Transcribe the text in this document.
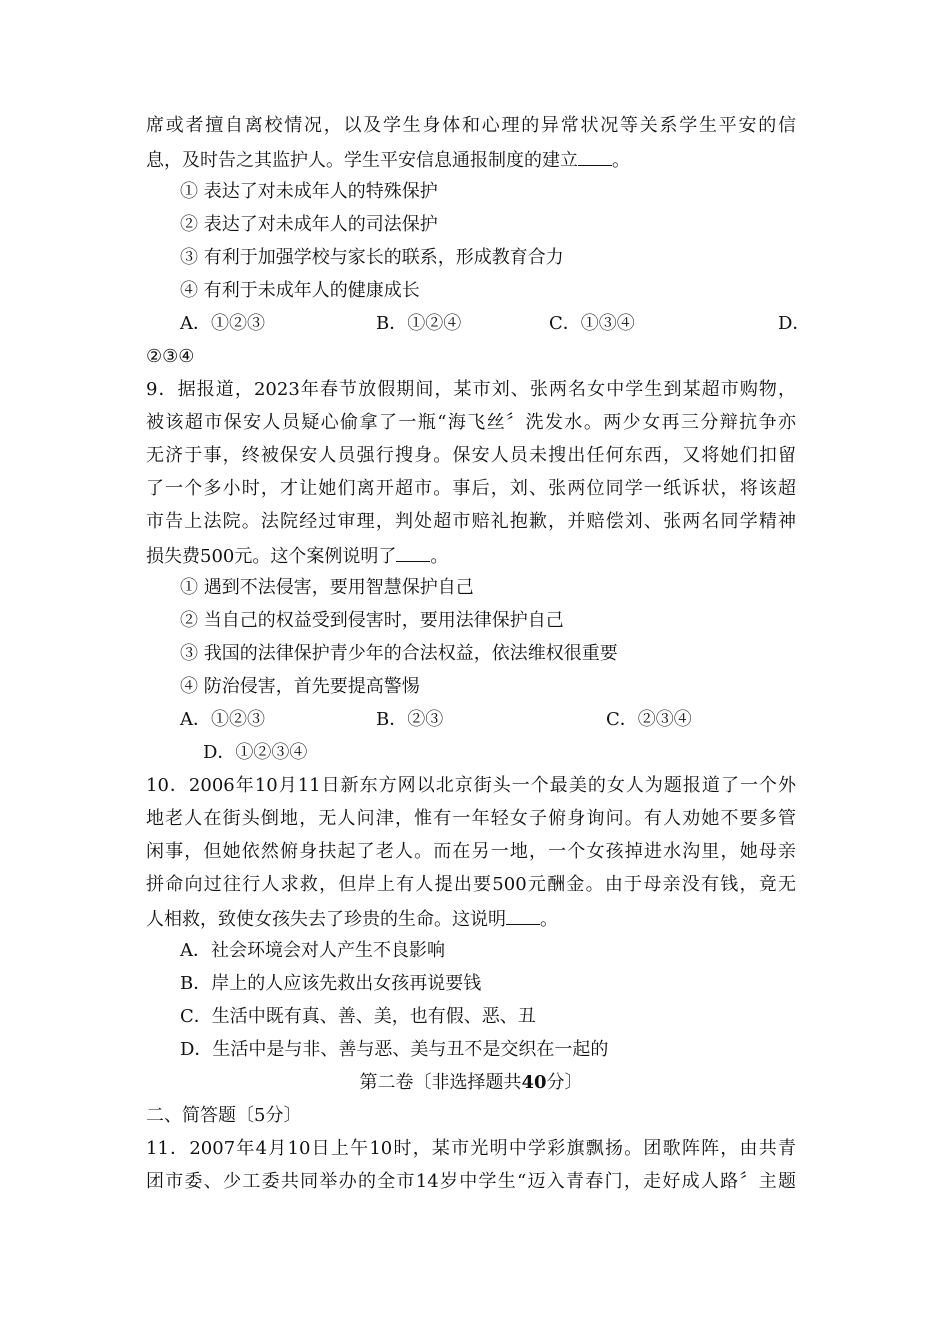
席或者擅自离校情况，以及学生身体和心理的异常状况等关系学生平安的信
息，及时告之其监护人。学生平安信息通报制度的建立 。
① 表达了对未成年人的特殊保护
② 表达了对未成年人的司法保护
③ 有利于加强学校与家长的联系，形成教育合力
④ 有利于未成年人的健康成长
A．①②③	B．①②④	C．①③④	D．
②③④
9．据报道，2023年春节放假期间，某市刘、张两名女中学生到某超市购物，
被该超市保安人员疑心偷拿了一瓶“海飞丝〞洗发水。两少女再三分辩抗争亦
无济于事，终被保安人员强行搜身。保安人员未搜出任何东西，又将她们扣留
了一个多小时，才让她们离开超市。事后，刘、张两位同学一纸诉状，将该超
市告上法院。法院经过审理，判处超市赔礼抱歉，并赔偿刘、张两名同学精神
损失费500元。这个案例说明了 。
① 遇到不法侵害，要用智慧保护自己
② 当自己的权益受到侵害时，要用法律保护自己
③ 我国的法律保护青少年的合法权益，依法维权很重要
④ 防治侵害，首先要提高警惕
A．①②③	B．②③	C．②③④
D．①②③④
10．2006年10月11日新东方网以北京街头一个最美的女人为题报道了一个外
地老人在街头倒地，无人问津，惟有一年轻女子俯身询问。有人劝她不要多管
闲事，但她依然俯身扶起了老人。而在另一地，一个女孩掉进水沟里，她母亲
拼命向过往行人求救，但岸上有人提出要500元酬金。由于母亲没有钱，竟无
人相救，致使女孩失去了珍贵的生命。这说明 。
A．社会环境会对人产生不良影响
B．岸上的人应该先救出女孩再说要钱
C．生活中既有真、善、美，也有假、恶、丑
D．生活中是与非、善与恶、美与丑不是交织在一起的
第二卷〔非选择题共40分〕
二、简答题〔5分〕
11．2007年4月10日上午10时，某市光明中学彩旗飘扬。团歌阵阵，由共青
团市委、少工委共同举办的全市14岁中学生“迈入青春门，走好成人路〞主题
